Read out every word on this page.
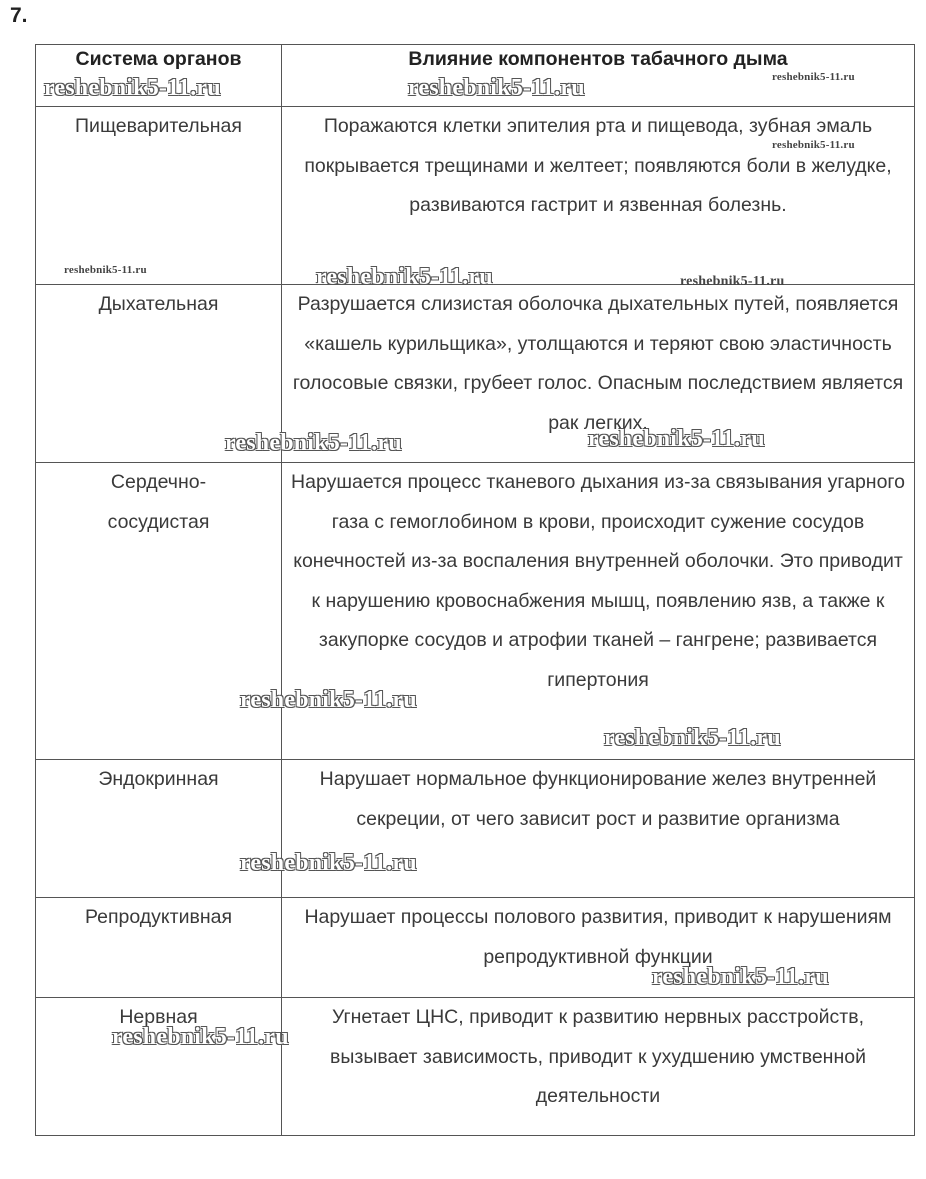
7.
Система органов	Влияние компонентов табачного дыма
Пищеварительная	Поражаются клетки эпителия рта и пищевода, зубная эмаль покрывается трещинами и желтеет; появляются боли в желудке, развиваются гастрит и язвенная болезнь.
Дыхательная	Разрушается слизистая оболочка дыхательных путей, появляется «кашель курильщика», утолщаются и теряют свою эластичность голосовые связки, грубеет голос. Опасным последствием является рак легких.
Сердечно-сосудистая	Нарушается процесс тканевого дыхания из-за связывания угарного газа с гемоглобином в крови, происходит сужение сосудов конечностей из-за воспаления внутренней оболочки. Это приводит к нарушению кровоснабжения мышц, появлению язв, а также к закупорке сосудов и атрофии тканей – гангрене; развивается гипертония
Эндокринная	Нарушает нормальное функционирование желез внутренней секреции, от чего зависит рост и развитие организма
Репродуктивная	Нарушает процессы полового развития, приводит к нарушениям репродуктивной функции
Нервная	Угнетает ЦНС, приводит к развитию нервных расстройств, вызывает зависимость, приводит к ухудшению умственной деятельности
reshebnik5-11.ru	reshebnik5-11.ru	reshebnik5-11.ru
reshebnik5-11.ru
reshebnik5-11.ru	reshebnik5-11.ru	reshebnik5-11.ru
reshebnik5-11.ru	reshebnik5-11.ru
reshebnik5-11.ru
reshebnik5-11.ru
reshebnik5-11.ru
reshebnik5-11.ru
reshebnik5-11.ru
